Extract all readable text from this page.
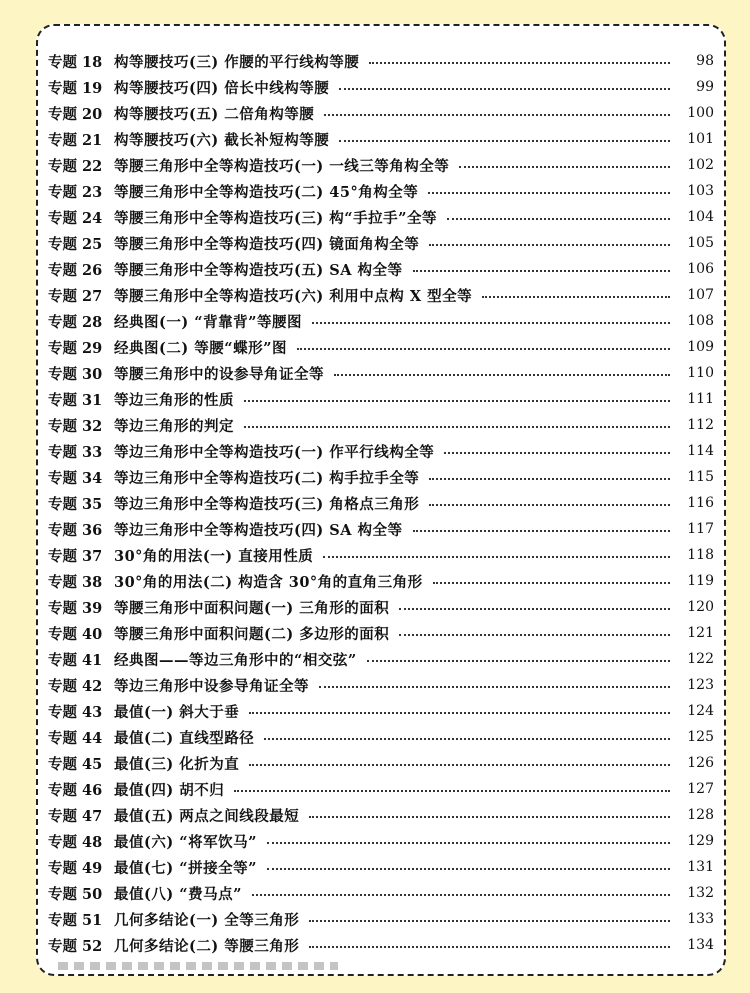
专题 18 构等腰技巧(三) 作腰的平行线构等腰	98
专题 19 构等腰技巧(四) 倍长中线构等腰	99
专题 20 构等腰技巧(五) 二倍角构等腰	100
专题 21 构等腰技巧(六) 截长补短构等腰	101
专题 22 等腰三角形中全等构造技巧(一) 一线三等角构全等	102
专题 23 等腰三角形中全等构造技巧(二) 45°角构全等	103
专题 24 等腰三角形中全等构造技巧(三) 构“手拉手”全等	104
专题 25 等腰三角形中全等构造技巧(四) 镜面角构全等	105
专题 26 等腰三角形中全等构造技巧(五) SA 构全等	106
专题 27 等腰三角形中全等构造技巧(六) 利用中点构 X 型全等	107
专题 28 经典图(一) “背靠背”等腰图	108
专题 29 经典图(二) 等腰“蝶形”图	109
专题 30 等腰三角形中的设参导角证全等	110
专题 31 等边三角形的性质	111
专题 32 等边三角形的判定	112
专题 33 等边三角形中全等构造技巧(一) 作平行线构全等	114
专题 34 等边三角形中全等构造技巧(二) 构手拉手全等	115
专题 35 等边三角形中全等构造技巧(三) 角格点三角形	116
专题 36 等边三角形中全等构造技巧(四) SA 构全等	117
专题 37 30°角的用法(一) 直接用性质	118
专题 38 30°角的用法(二) 构造含 30°角的直角三角形	119
专题 39 等腰三角形中面积问题(一) 三角形的面积	120
专题 40 等腰三角形中面积问题(二) 多边形的面积	121
专题 41 经典图——等边三角形中的“相交弦”	122
专题 42 等边三角形中设参导角证全等	123
专题 43 最值(一) 斜大于垂	124
专题 44 最值(二) 直线型路径	125
专题 45 最值(三) 化折为直	126
专题 46 最值(四) 胡不归	127
专题 47 最值(五) 两点之间线段最短	128
专题 48 最值(六) “将军饮马”	129
专题 49 最值(七) “拼接全等”	131
专题 50 最值(八) “费马点”	132
专题 51 几何多结论(一) 全等三角形	133
专题 52 几何多结论(二) 等腰三角形	134
